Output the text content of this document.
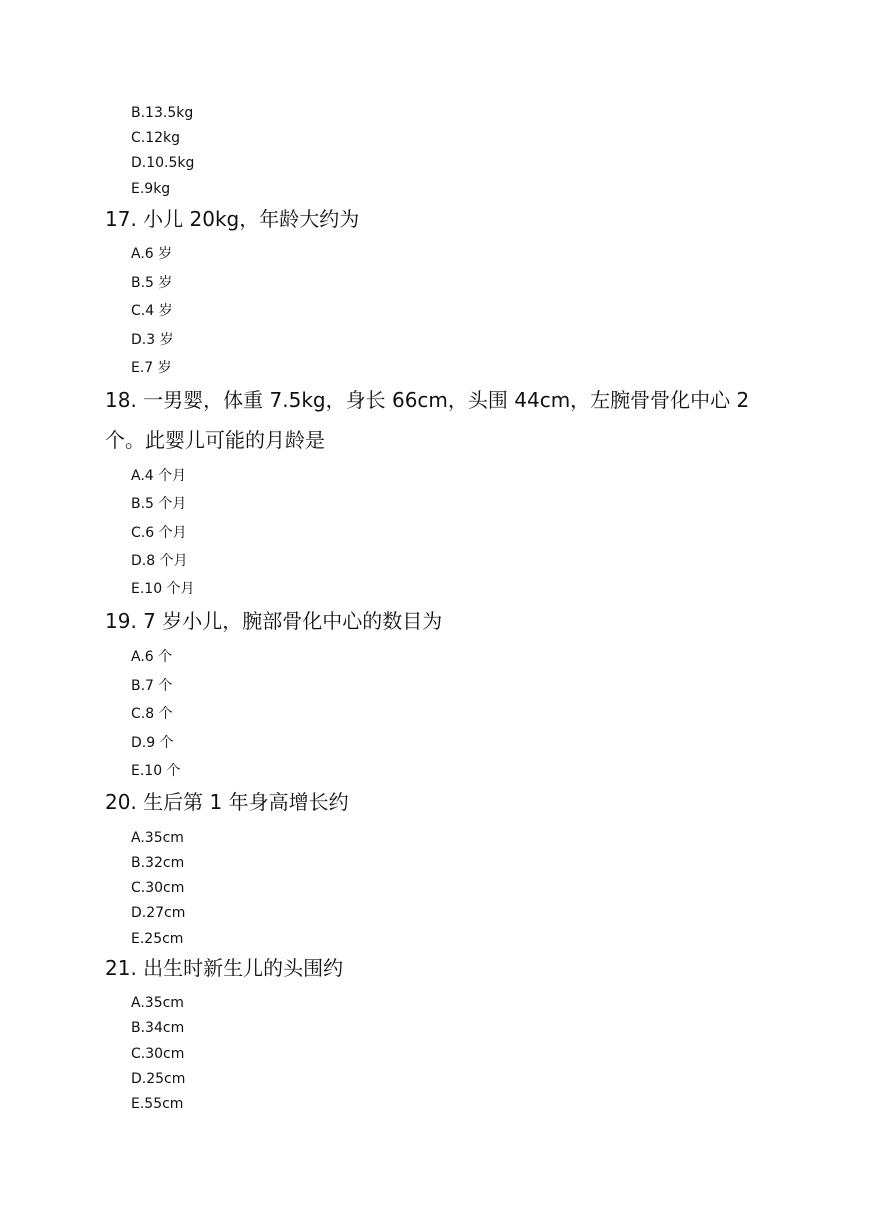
B.13.5kg
C.12kg
D.10.5kg
E.9kg
17. 小儿 20kg，年龄大约为
A.6 岁
B.5 岁
C.4 岁
D.3 岁
E.7 岁
18. 一男婴，体重 7.5kg，身长 66cm，头围 44cm，左腕骨骨化中心 2
个。此婴儿可能的月龄是
A.4 个月
B.5 个月
C.6 个月
D.8 个月
E.10 个月
19. 7 岁小儿，腕部骨化中心的数目为
A.6 个
B.7 个
C.8 个
D.9 个
E.10 个
20. 生后第 1 年身高增长约
A.35cm
B.32cm
C.30cm
D.27cm
E.25cm
21. 出生时新生儿的头围约
A.35cm
B.34cm
C.30cm
D.25cm
E.55cm
